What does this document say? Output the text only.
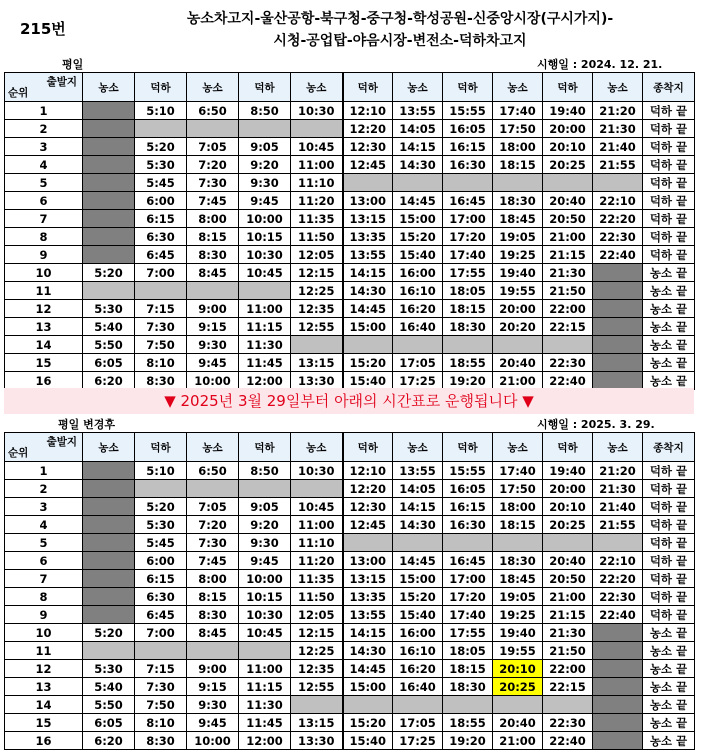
215번
농소차고지-울산공항-북구청-중구청-학성공원-신중앙시장(구시가지)-
시청-공업탑-야음시장-변전소-덕하차고지
평일	시행일 : 2024. 12. 21.
출발지
순위	농소	덕하	농소	덕하	농소	덕하	농소	덕하	농소	덕하	농소	종착지
1		5:10	6:50	8:50	10:30	12:10	13:55	15:55	17:40	19:40	21:20	덕하 끝
2						12:20	14:05	16:05	17:50	20:00	21:30	덕하 끝
3		5:20	7:05	9:05	10:45	12:30	14:15	16:15	18:00	20:10	21:40	덕하 끝
4		5:30	7:20	9:20	11:00	12:45	14:30	16:30	18:15	20:25	21:55	덕하 끝
5		5:45	7:30	9:30	11:10							덕하 끝
6		6:00	7:45	9:45	11:20	13:00	14:45	16:45	18:30	20:40	22:10	덕하 끝
7		6:15	8:00	10:00	11:35	13:15	15:00	17:00	18:45	20:50	22:20	덕하 끝
8		6:30	8:15	10:15	11:50	13:35	15:20	17:20	19:05	21:00	22:30	덕하 끝
9		6:45	8:30	10:30	12:05	13:55	15:40	17:40	19:25	21:15	22:40	덕하 끝
10	5:20	7:00	8:45	10:45	12:15	14:15	16:00	17:55	19:40	21:30		농소 끝
11					12:25	14:30	16:10	18:05	19:55	21:50		농소 끝
12	5:30	7:15	9:00	11:00	12:35	14:45	16:20	18:15	20:00	22:00		농소 끝
13	5:40	7:30	9:15	11:15	12:55	15:00	16:40	18:30	20:20	22:15		농소 끝
14	5:50	7:50	9:30	11:30								농소 끝
15	6:05	8:10	9:45	11:45	13:15	15:20	17:05	18:55	20:40	22:30		농소 끝
16	6:20	8:30	10:00	12:00	13:30	15:40	17:25	19:20	21:00	22:40		농소 끝
▼ 2025년 3월 29일부터 아래의 시간표로 운행됩니다 ▼
평일 변경후	시행일 : 2025. 3. 29.
출발지
순위	농소	덕하	농소	덕하	농소	덕하	농소	덕하	농소	덕하	농소	종착지
1		5:10	6:50	8:50	10:30	12:10	13:55	15:55	17:40	19:40	21:20	덕하 끝
2						12:20	14:05	16:05	17:50	20:00	21:30	덕하 끝
3		5:20	7:05	9:05	10:45	12:30	14:15	16:15	18:00	20:10	21:40	덕하 끝
4		5:30	7:20	9:20	11:00	12:45	14:30	16:30	18:15	20:25	21:55	덕하 끝
5		5:45	7:30	9:30	11:10							덕하 끝
6		6:00	7:45	9:45	11:20	13:00	14:45	16:45	18:30	20:40	22:10	덕하 끝
7		6:15	8:00	10:00	11:35	13:15	15:00	17:00	18:45	20:50	22:20	덕하 끝
8		6:30	8:15	10:15	11:50	13:35	15:20	17:20	19:05	21:00	22:30	덕하 끝
9		6:45	8:30	10:30	12:05	13:55	15:40	17:40	19:25	21:15	22:40	덕하 끝
10	5:20	7:00	8:45	10:45	12:15	14:15	16:00	17:55	19:40	21:30		농소 끝
11					12:25	14:30	16:10	18:05	19:55	21:50		농소 끝
12	5:30	7:15	9:00	11:00	12:35	14:45	16:20	18:15	20:10	22:00		농소 끝
13	5:40	7:30	9:15	11:15	12:55	15:00	16:40	18:30	20:25	22:15		농소 끝
14	5:50	7:50	9:30	11:30								농소 끝
15	6:05	8:10	9:45	11:45	13:15	15:20	17:05	18:55	20:40	22:30		농소 끝
16	6:20	8:30	10:00	12:00	13:30	15:40	17:25	19:20	21:00	22:40		농소 끝
